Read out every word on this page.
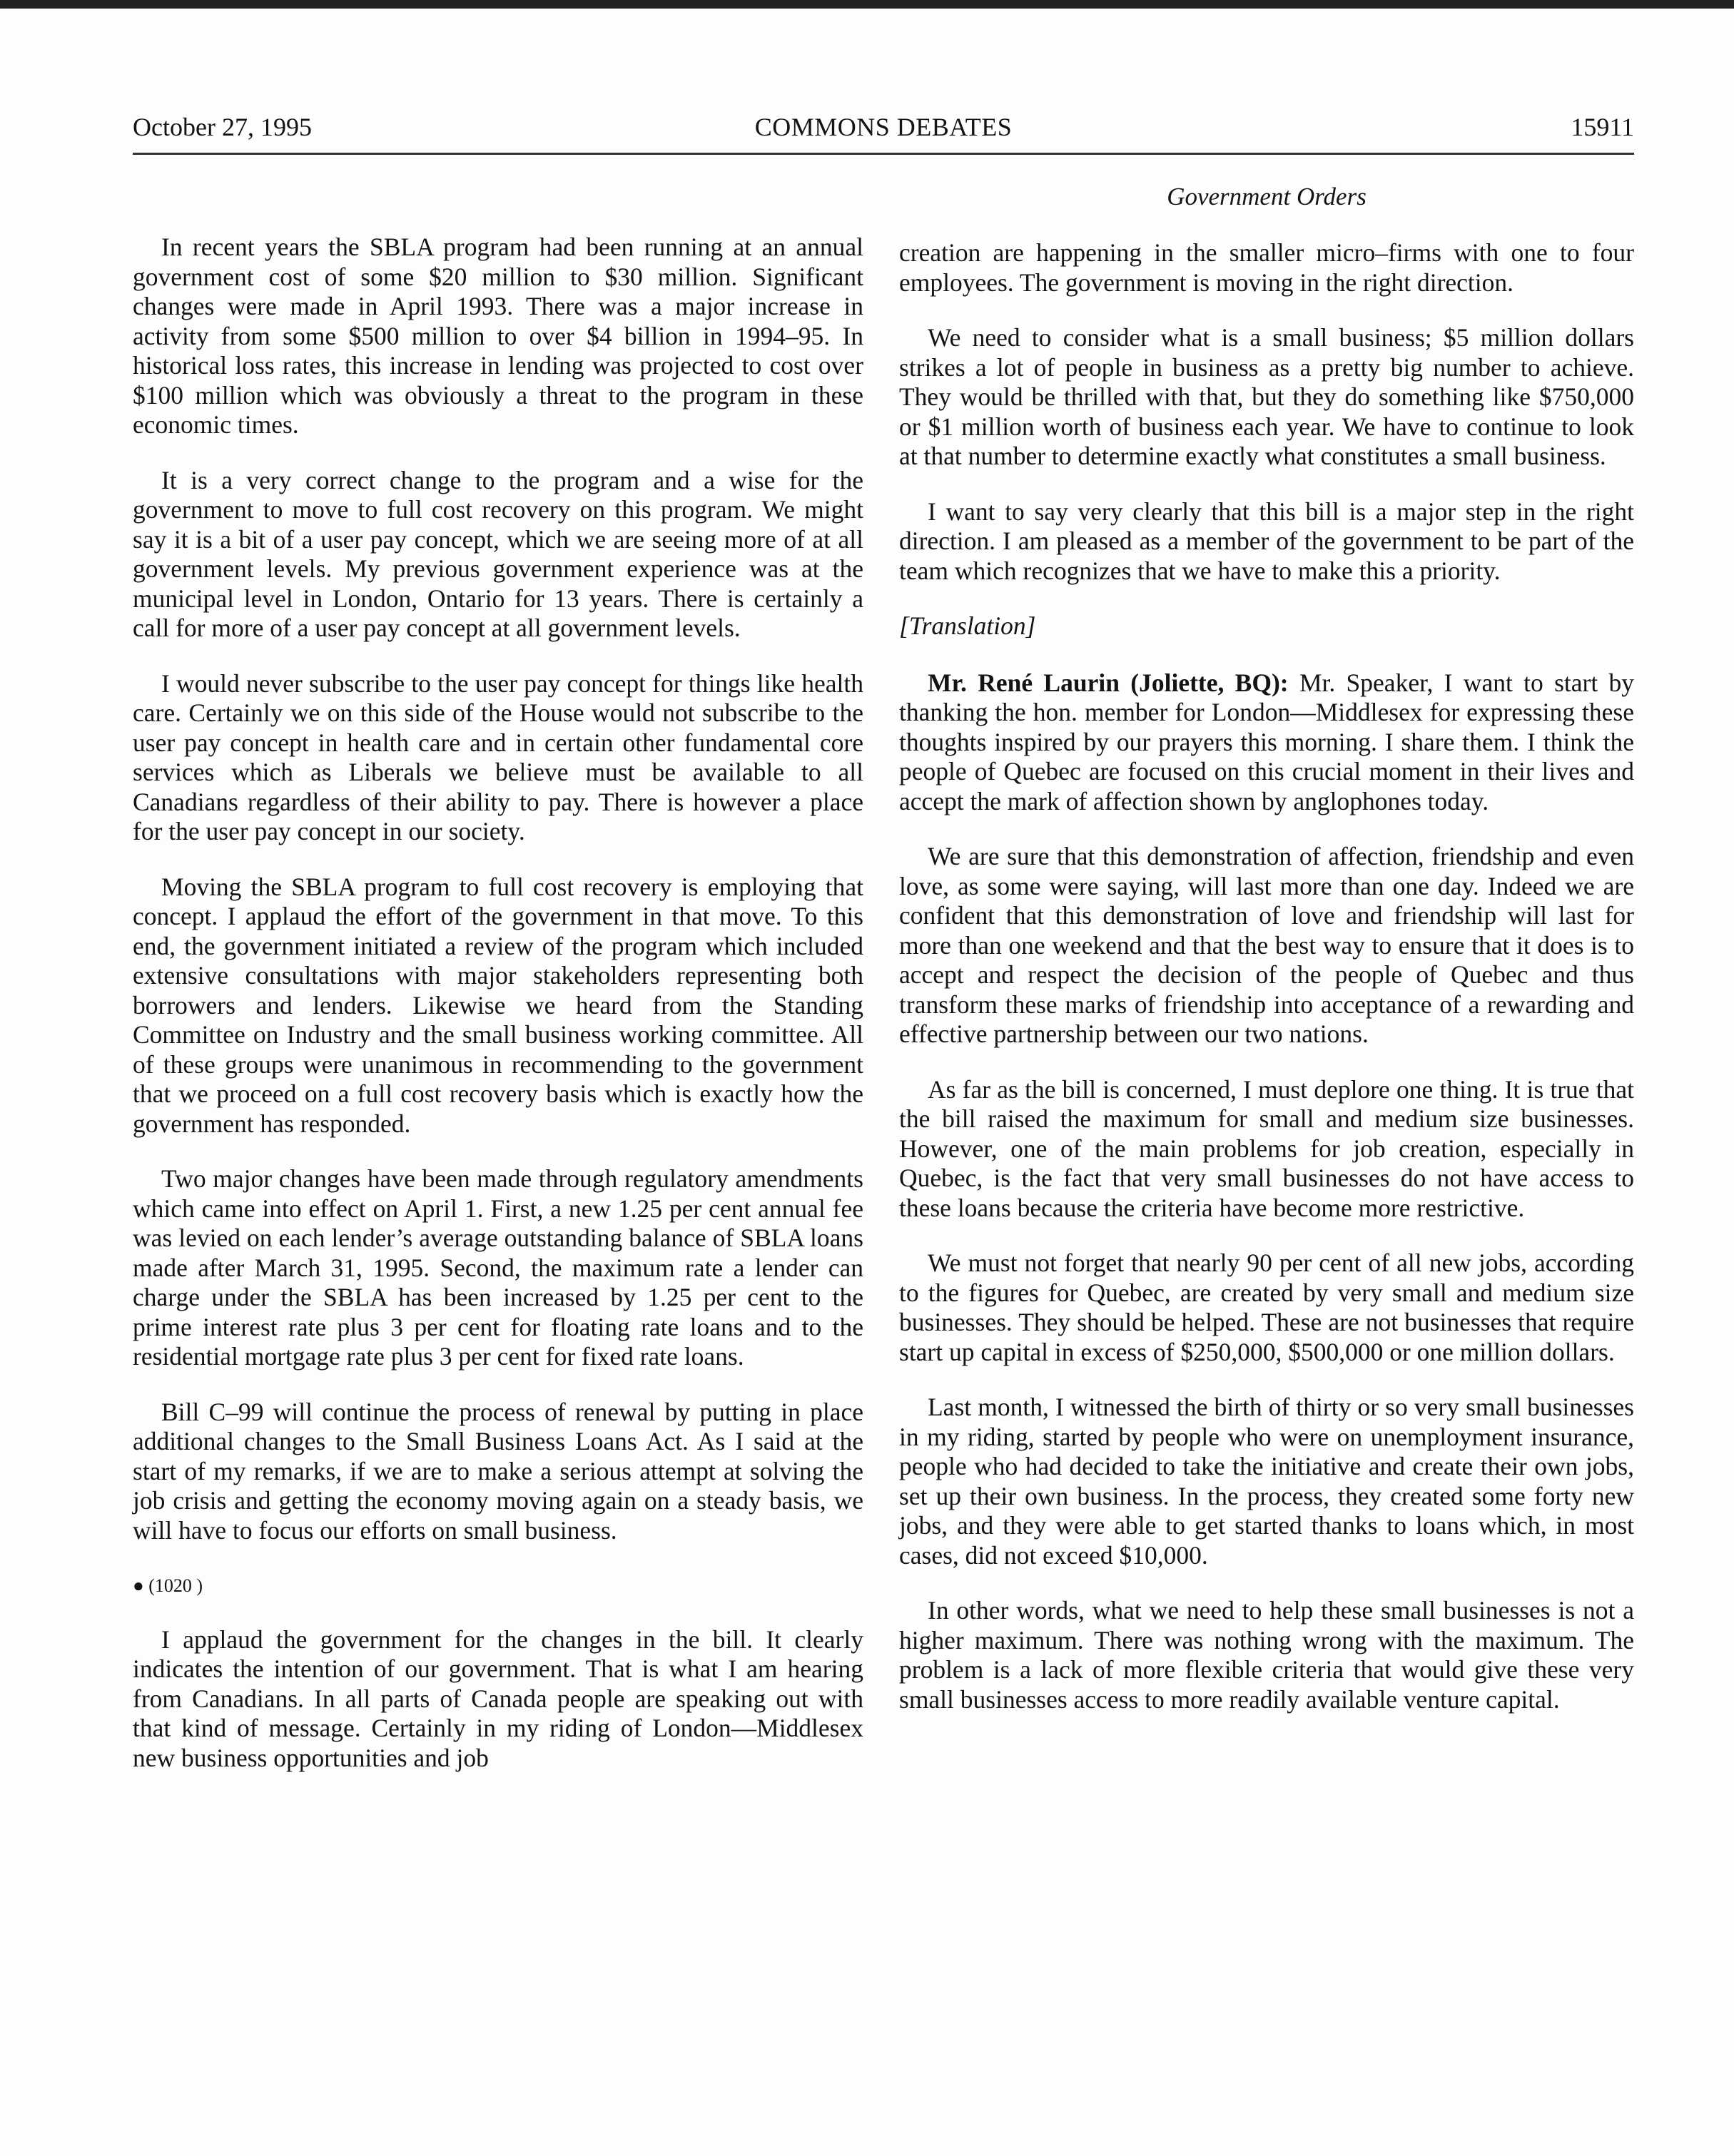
October 27, 1995	COMMONS DEBATES	15911
Government Orders

In recent years the SBLA program had been running at an annual government cost of some $20 million to $30 million. Significant changes were made in April 1993. There was a major increase in activity from some $500 million to over $4 billion in 1994–95. In historical loss rates, this increase in lending was projected to cost over $100 million which was obviously a threat to the program in these economic times.

It is a very correct change to the program and a wise for the government to move to full cost recovery on this program. We might say it is a bit of a user pay concept, which we are seeing more of at all government levels. My previous government experience was at the municipal level in London, Ontario for 13 years. There is certainly a call for more of a user pay concept at all government levels.

I would never subscribe to the user pay concept for things like health care. Certainly we on this side of the House would not subscribe to the user pay concept in health care and in certain other fundamental core services which as Liberals we believe must be available to all Canadians regardless of their ability to pay. There is however a place for the user pay concept in our society.

Moving the SBLA program to full cost recovery is employing that concept. I applaud the effort of the government in that move. To this end, the government initiated a review of the program which included extensive consultations with major stakeholders representing both borrowers and lenders. Likewise we heard from the Standing Committee on Industry and the small business working committee. All of these groups were unanimous in recommending to the government that we proceed on a full cost recovery basis which is exactly how the government has responded.

Two major changes have been made through regulatory amendments which came into effect on April 1. First, a new 1.25 per cent annual fee was levied on each lender’s average outstanding balance of SBLA loans made after March 31, 1995. Second, the maximum rate a lender can charge under the SBLA has been increased by 1.25 per cent to the prime interest rate plus 3 per cent for floating rate loans and to the residential mortgage rate plus 3 per cent for fixed rate loans.

Bill C–99 will continue the process of renewal by putting in place additional changes to the Small Business Loans Act. As I said at the start of my remarks, if we are to make a serious attempt at solving the job crisis and getting the economy moving again on a steady basis, we will have to focus our efforts on small business.

● (1020 )

I applaud the government for the changes in the bill. It clearly indicates the intention of our government. That is what I am hearing from Canadians. In all parts of Canada people are speaking out with that kind of message. Certainly in my riding of London—Middlesex new business opportunities and job

creation are happening in the smaller micro–firms with one to four employees. The government is moving in the right direction.

We need to consider what is a small business; $5 million dollars strikes a lot of people in business as a pretty big number to achieve. They would be thrilled with that, but they do something like $750,000 or $1 million worth of business each year. We have to continue to look at that number to determine exactly what constitutes a small business.

I want to say very clearly that this bill is a major step in the right direction. I am pleased as a member of the government to be part of the team which recognizes that we have to make this a priority.

[Translation]

Mr. René Laurin (Joliette, BQ): Mr. Speaker, I want to start by thanking the hon. member for London—Middlesex for expressing these thoughts inspired by our prayers this morning. I share them. I think the people of Quebec are focused on this crucial moment in their lives and accept the mark of affection shown by anglophones today.

We are sure that this demonstration of affection, friendship and even love, as some were saying, will last more than one day. Indeed we are confident that this demonstration of love and friendship will last for more than one weekend and that the best way to ensure that it does is to accept and respect the decision of the people of Quebec and thus transform these marks of friendship into acceptance of a rewarding and effective partnership between our two nations.

As far as the bill is concerned, I must deplore one thing. It is true that the bill raised the maximum for small and medium size businesses. However, one of the main problems for job creation, especially in Quebec, is the fact that very small businesses do not have access to these loans because the criteria have become more restrictive.

We must not forget that nearly 90 per cent of all new jobs, according to the figures for Quebec, are created by very small and medium size businesses. They should be helped. These are not businesses that require start up capital in excess of $250,000, $500,000 or one million dollars.

Last month, I witnessed the birth of thirty or so very small businesses in my riding, started by people who were on unemployment insurance, people who had decided to take the initiative and create their own jobs, set up their own business. In the process, they created some forty new jobs, and they were able to get started thanks to loans which, in most cases, did not exceed $10,000.

In other words, what we need to help these small businesses is not a higher maximum. There was nothing wrong with the maximum. The problem is a lack of more flexible criteria that would give these very small businesses access to more readily available venture capital.
